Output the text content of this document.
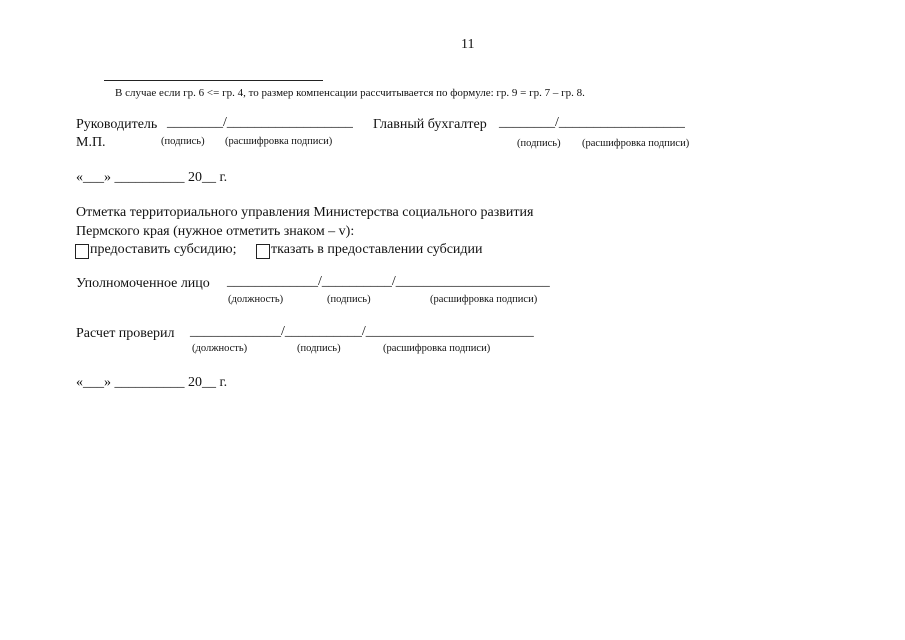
11
В случае если гр. 6 <= гр. 4, то размер компенсации рассчитывается по формуле: гр. 9 = гр. 7 – гр. 8.
Руководитель ________/__________________ Главный бухгалтер ________/__________________
М.П.	(подпись) (расшифровка подписи)	(подпись) (расшифровка подписи)
«___» __________ 20__ г.
Отметка территориального управления Министерства социального развития
Пермского края (нужное отметить знаком – v):
предоставить субсидию; тказать в предоставлении субсидии
Уполномоченное лицо _____________/__________/______________________
(должность)	(подпись)	(расшифровка подписи)
Расчет проверил _____________/___________/________________________
(должность)	(подпись)	(расшифровка подписи)
«___» __________ 20__ г.
